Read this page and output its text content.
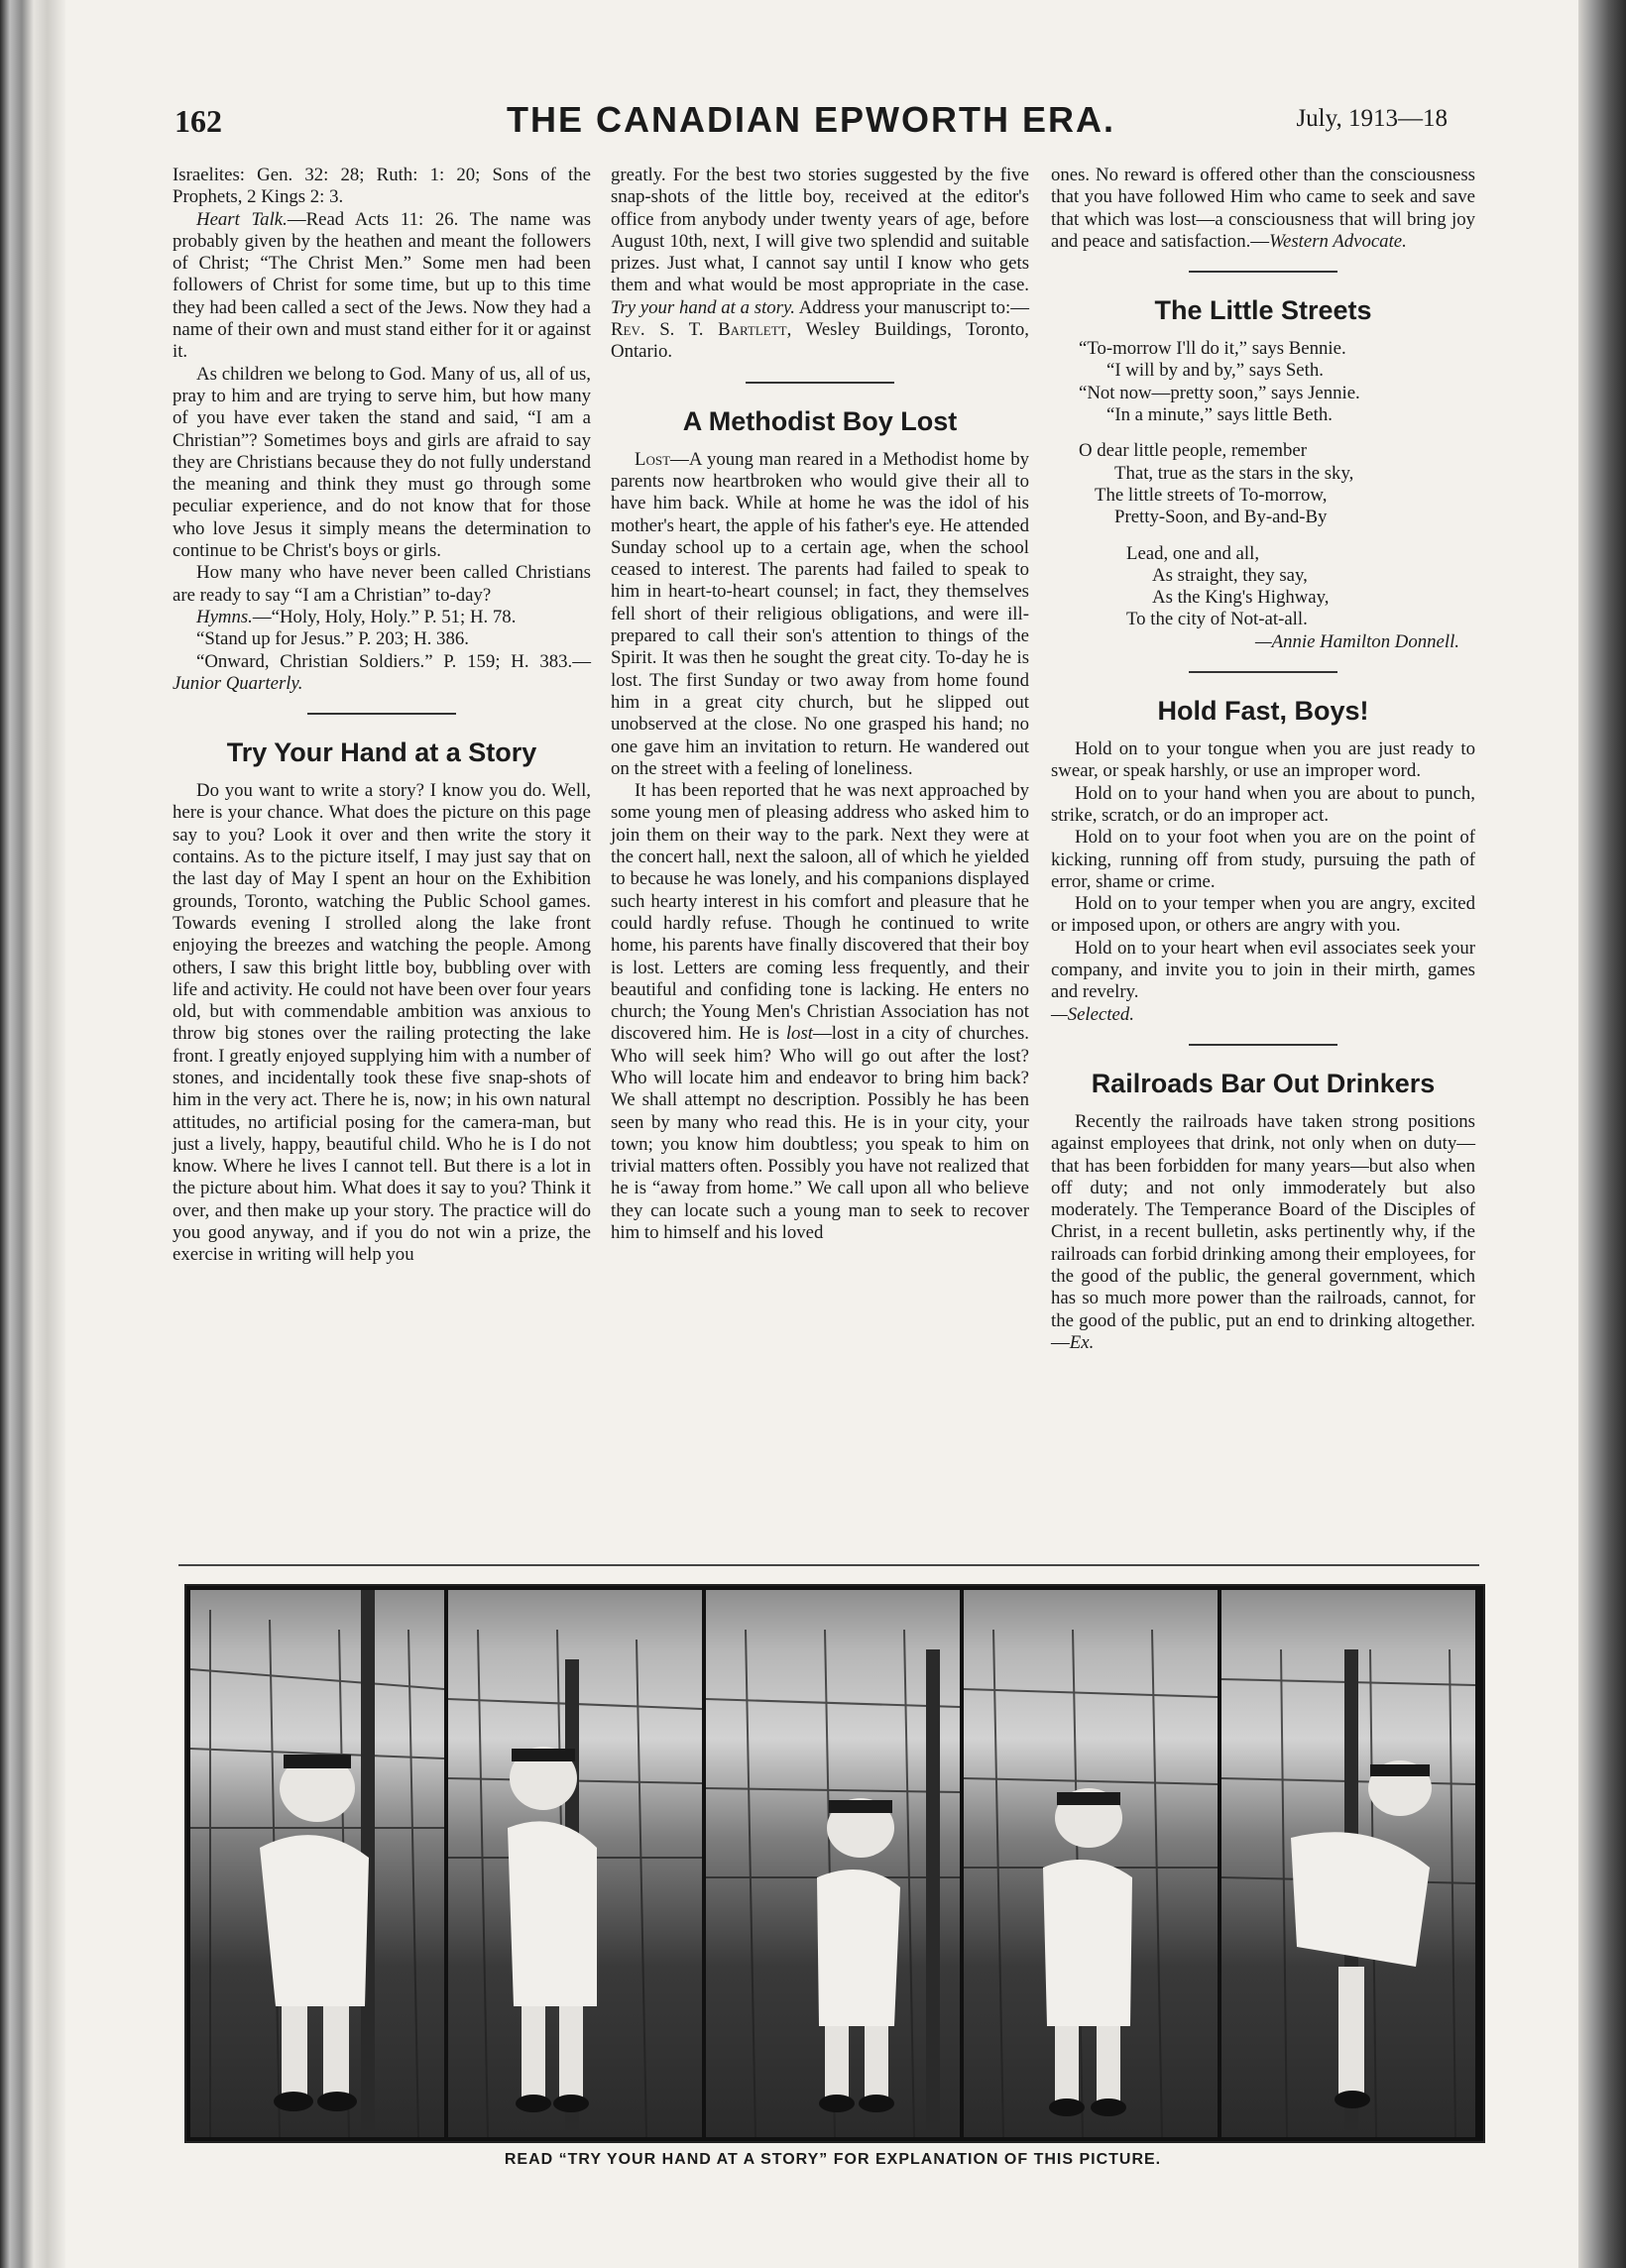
162	THE CANADIAN EPWORTH ERA.	July, 1913—18

Israelites: Gen. 32: 28; Ruth: 1: 20; Sons of the Prophets, 2 Kings 2: 3.

Heart Talk.—Read Acts 11: 26. The name was probably given by the heathen and meant the followers of Christ; “The Christ Men.” Some men had been followers of Christ for some time, but up to this time they had been called a sect of the Jews. Now they had a name of their own and must stand either for it or against it.

As children we belong to God. Many of us, all of us, pray to him and are trying to serve him, but how many of you have ever taken the stand and said, “I am a Christian”? Sometimes boys and girls are afraid to say they are Christians because they do not fully understand the meaning and think they must go through some peculiar experience, and do not know that for those who love Jesus it simply means the determination to continue to be Christ's boys or girls.

How many who have never been called Christians are ready to say “I am a Christian” to-day?

Hymns.—“Holy, Holy, Holy.” P. 51; H. 78.

“Stand up for Jesus.” P. 203; H. 386.

“Onward, Christian Soldiers.” P. 159; H. 383.—Junior Quarterly.

Try Your Hand at a Story

Do you want to write a story? I know you do. Well, here is your chance. What does the picture on this page say to you? Look it over and then write the story it contains. As to the picture itself, I may just say that on the last day of May I spent an hour on the Exhibition grounds, Toronto, watching the Public School games. Towards evening I strolled along the lake front enjoying the breezes and watching the people. Among others, I saw this bright little boy, bubbling over with life and activity. He could not have been over four years old, but with commendable ambition was anxious to throw big stones over the railing protecting the lake front. I greatly enjoyed supplying him with a number of stones, and incidentally took these five snap-shots of him in the very act. There he is, now; in his own natural attitudes, no artificial posing for the camera-man, but just a lively, happy, beautiful child. Who he is I do not know. Where he lives I cannot tell. But there is a lot in the picture about him. What does it say to you? Think it over, and then make up your story. The practice will do you good anyway, and if you do not win a prize, the exercise in writing will help you

greatly. For the best two stories suggested by the five snap-shots of the little boy, received at the editor's office from anybody under twenty years of age, before August 10th, next, I will give two splendid and suitable prizes. Just what, I cannot say until I know who gets them and what would be most appropriate in the case. Try your hand at a story. Address your manuscript to:—Rev. S. T. Bartlett, Wesley Buildings, Toronto, Ontario.

A Methodist Boy Lost

Lost—A young man reared in a Methodist home by parents now heartbroken who would give their all to have him back. While at home he was the idol of his mother's heart, the apple of his father's eye. He attended Sunday school up to a certain age, when the school ceased to interest. The parents had failed to speak to him in heart-to-heart counsel; in fact, they themselves fell short of their religious obligations, and were ill-prepared to call their son's attention to things of the Spirit. It was then he sought the great city. To-day he is lost. The first Sunday or two away from home found him in a great city church, but he slipped out unobserved at the close. No one grasped his hand; no one gave him an invitation to return. He wandered out on the street with a feeling of loneliness.

It has been reported that he was next approached by some young men of pleasing address who asked him to join them on their way to the park. Next they were at the concert hall, next the saloon, all of which he yielded to because he was lonely, and his companions displayed such hearty interest in his comfort and pleasure that he could hardly refuse. Though he continued to write home, his parents have finally discovered that their boy is lost. Letters are coming less frequently, and their beautiful and confiding tone is lacking. He enters no church; the Young Men's Christian Association has not discovered him. He is lost—lost in a city of churches. Who will seek him? Who will go out after the lost? Who will locate him and endeavor to bring him back? We shall attempt no description. Possibly he has been seen by many who read this. He is in your city, your town; you know him doubtless; you speak to him on trivial matters often. Possibly you have not realized that he is “away from home.” We call upon all who believe they can locate such a young man to seek to recover him to himself and his loved

ones. No reward is offered other than the consciousness that you have followed Him who came to seek and save that which was lost—a consciousness that will bring joy and peace and satisfaction.—Western Advocate.

The Little Streets
“To-morrow I'll do it,” says Bennie.
“I will by and by,” says Seth.
“Not now—pretty soon,” says Jennie.
“In a minute,” says little Beth.
O dear little people, remember
That, true as the stars in the sky,
The little streets of To-morrow,
Pretty-Soon, and By-and-By
Lead, one and all,
As straight, they say,
As the King's Highway,
To the city of Not-at-all.
—Annie Hamilton Donnell.
Hold Fast, Boys!

Hold on to your tongue when you are just ready to swear, or speak harshly, or use an improper word.

Hold on to your hand when you are about to punch, strike, scratch, or do an improper act.

Hold on to your foot when you are on the point of kicking, running off from study, pursuing the path of error, shame or crime.

Hold on to your temper when you are angry, excited or imposed upon, or others are angry with you.

Hold on to your heart when evil associates seek your company, and invite you to join in their mirth, games and revelry.

—Selected.

Railroads Bar Out Drinkers

Recently the railroads have taken strong positions against employees that drink, not only when on duty—that has been forbidden for many years—but also when off duty; and not only immoderately but also moderately. The Temperance Board of the Disciples of Christ, in a recent bulletin, asks pertinently why, if the railroads can forbid drinking among their employees, for the good of the public, the general government, which has so much more power than the railroads, cannot, for the good of the public, put an end to drinking altogether.—Ex.

READ “TRY YOUR HAND AT A STORY” FOR EXPLANATION OF THIS PICTURE.
